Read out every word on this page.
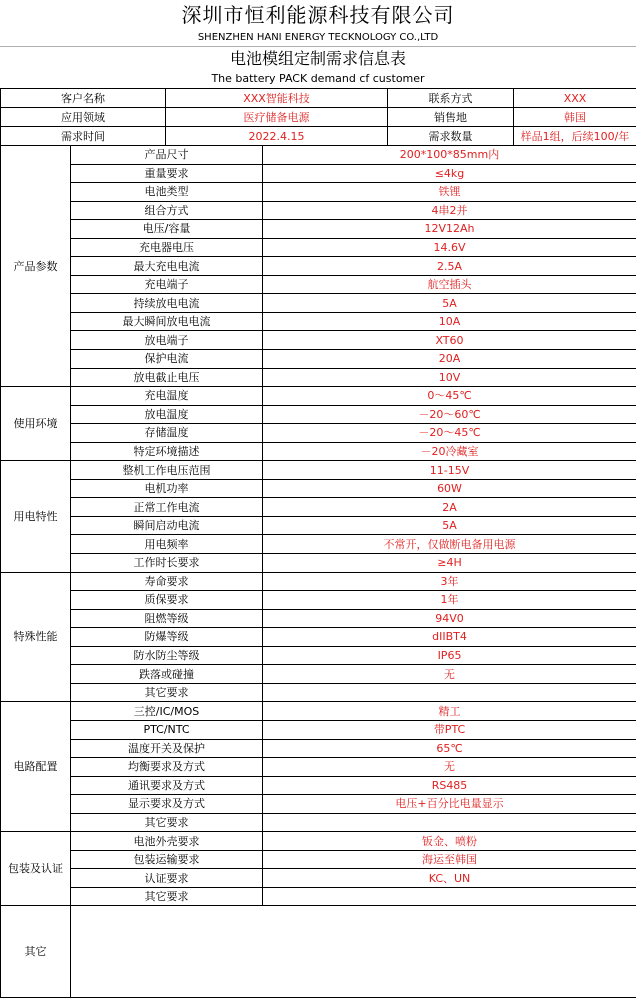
深圳市恒利能源科技有限公司
SHENZHEN HANI ENERGY TECKNOLOGY CO.,LTD
电池模组定制需求信息表
The battery PACK demand cf customer
客户名称		XXX智能科技		联系方式	XXX
应用领域		医疗储备电源		销售地	韩国
需求时间		2022.4.15		需求数量	样品1组，后续100/年
产品参数	产品尺寸		200*100*85mm内		
	重量要求		≤4kg		
	电池类型		铁锂		
	组合方式		4串2并		
	电压/容量		12V12Ah		
	充电器电压		14.6V		
	最大充电电流		2.5A		
	充电端子		航空插头		
	持续放电电流		5A		
	最大瞬间放电电流		10A		
	放电端子		XT60		
	保护电流		20A		
	放电截止电压		10V		
使用环境	充电温度		0～45℃		
	放电温度		－20～60℃		
	存储温度		－20～45℃		
	特定环境描述		－20冷藏室		
用电特性	整机工作电压范围		11-15V		
	电机功率		60W		
	正常工作电流		2A		
	瞬间启动电流		5A		
	用电频率		不常开，仅做断电备用电源		
	工作时长要求		≥4H		
特殊性能	寿命要求		3年		
	质保要求		1年		
	阻燃等级		94V0		
	防爆等级		dIIBT4		
	防水防尘等级		IP65		
	跌落或碰撞		无		
	其它要求				
电路配置	三控/IC/MOS		精工		
	PTC/NTC		带PTC		
	温度开关及保护		65℃		
	均衡要求及方式		无		
	通讯要求及方式		RS485		
	显示要求及方式		电压+百分比电量显示		
	其它要求				
包装及认证	电池外壳要求		钣金、喷粉		
	包装运输要求		海运至韩国		
	认证要求		KC、UN		
	其它要求				
其它					
